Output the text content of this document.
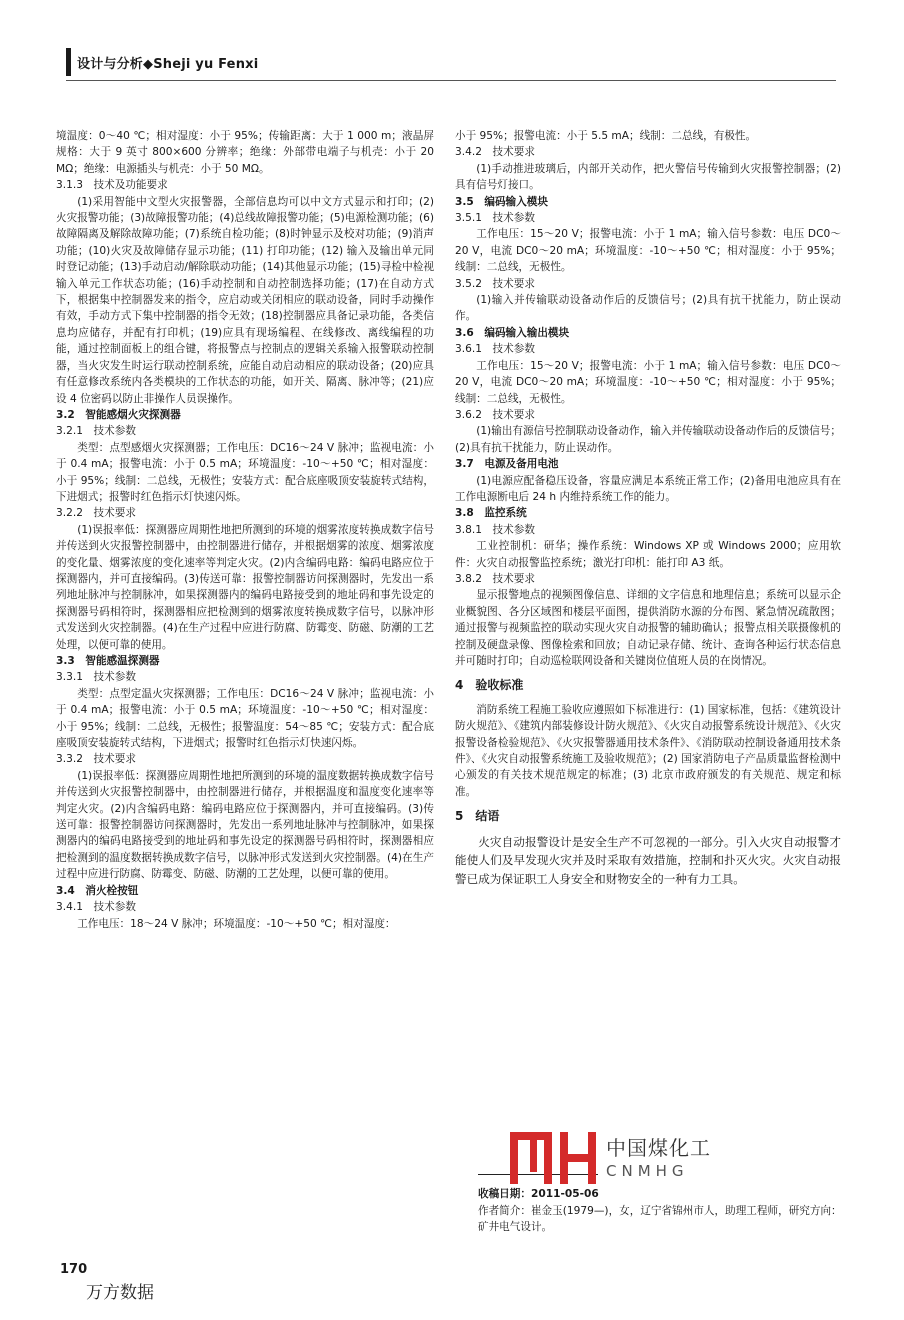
设计与分析◆Sheji yu Fenxi

境温度：0～40 ℃；相对湿度：小于 95%；传输距离：大于 1 000 m；液晶屏规格：大于 9 英寸 800×600 分辨率；绝缘：外部带电端子与机壳：小于 20 MΩ；绝缘：电源插头与机壳：小于 50 MΩ。

3.1.3　技术及功能要求

(1)采用智能中文型火灾报警器，全部信息均可以中文方式显示和打印；(2)火灾报警功能；(3)故障报警功能；(4)总线故障报警功能；(5)电源检测功能；(6)故障隔离及解除故障功能；(7)系统自检功能；(8)时钟显示及校对功能；(9)消声功能；(10)火灾及故障储存显示功能；(11) 打印功能；(12) 输入及输出单元同时登记动能；(13)手动启动/解除联动功能；(14)其他显示功能；(15)寻检中检视输入单元工作状态功能；(16)手动控制和自动控制选择功能；(17)在自动方式下，根据集中控制器发来的指令，应启动或关闭相应的联动设备，同时手动操作有效，手动方式下集中控制器的指令无效；(18)控制器应具备记录功能，各类信息均应储存，并配有打印机；(19)应具有现场编程、在线修改、离线编程的功能，通过控制面板上的组合键，将报警点与控制点的逻辑关系输入报警联动控制器，当火灾发生时运行联动控制系统，应能自动启动相应的联动设备；(20)应具有任意修改系统内各类模块的工作状态的功能，如开关、隔离、脉冲等；(21)应设 4 位密码以防止非操作人员误操作。

3.2　智能感烟火灾探测器

3.2.1　技术参数

类型：点型感烟火灾探测器；工作电压：DC16～24 V 脉冲；监视电流：小于 0.4 mA；报警电流：小于 0.5 mA；环境温度：-10～+50 ℃；相对湿度：小于 95%；线制：二总线，无极性；安装方式：配合底座吸顶安装旋转式结构，下进烟式；报警时红色指示灯快速闪烁。

3.2.2　技术要求

(1)误报率低：探测器应周期性地把所测到的环境的烟雾浓度转换成数字信号并传送到火灾报警控制器中，由控制器进行储存，并根据烟雾的浓度、烟雾浓度的变化量、烟雾浓度的变化速率等判定火灾。(2)内含编码电路：编码电路应位于探测器内，并可直接编码。(3)传送可靠：报警控制器访问探测器时，先发出一系列地址脉冲与控制脉冲，如果探测器内的编码电路接受到的地址码和事先设定的探测器号码相符时，探测器相应把检测到的烟雾浓度转换成数字信号，以脉冲形式发送到火灾控制器。(4)在生产过程中应进行防腐、防霉变、防磁、防潮的工艺处理，以便可靠的使用。

3.3　智能感温探测器

3.3.1　技术参数

类型：点型定温火灾探测器；工作电压：DC16～24 V 脉冲；监视电流：小于 0.4 mA；报警电流：小于 0.5 mA；环境温度：-10～+50 ℃；相对湿度：小于 95%；线制：二总线，无极性；报警温度：54～85 ℃；安装方式：配合底座吸顶安装旋转式结构，下进烟式；报警时红色指示灯快速闪烁。

3.3.2　技术要求

(1)误报率低：探测器应周期性地把所测到的环境的温度数据转换成数字信号并传送到火灾报警控制器中，由控制器进行储存，并根据温度和温度变化速率等判定火灾。(2)内含编码电路：编码电路应位于探测器内，并可直接编码。(3)传送可靠：报警控制器访问探测器时，先发出一系列地址脉冲与控制脉冲，如果探测器内的编码电路接受到的地址码和事先设定的探测器号码相符时，探测器相应把检测到的温度数据转换成数字信号，以脉冲形式发送到火灾控制器。(4)在生产过程中应进行防腐、防霉变、防磁、防潮的工艺处理，以便可靠的使用。

3.4　消火栓按钮

3.4.1　技术参数

工作电压：18～24 V 脉冲；环境温度：-10～+50 ℃；相对湿度：

小于 95%；报警电流：小于 5.5 mA；线制：二总线，有极性。

3.4.2　技术要求

(1)手动推进玻璃后，内部开关动作，把火警信号传输到火灾报警控制器；(2)具有信号灯接口。

3.5　编码输入模块

3.5.1　技术参数

工作电压：15～20 V；报警电流：小于 1 mA；输入信号参数：电压 DC0～20 V，电流 DC0～20 mA；环境温度：-10～+50 ℃；相对湿度：小于 95%；线制：二总线，无极性。

3.5.2　技术要求

(1)输入并传输联动设备动作后的反馈信号；(2)具有抗干扰能力，防止误动作。

3.6　编码输入输出模块

3.6.1　技术参数

工作电压：15～20 V；报警电流：小于 1 mA；输入信号参数：电压 DC0～20 V，电流 DC0～20 mA；环境温度：-10～+50 ℃；相对湿度：小于 95%；线制：二总线，无极性。

3.6.2　技术要求

(1)输出有源信号控制联动设备动作，输入并传输联动设备动作后的反馈信号；(2)具有抗干扰能力，防止误动作。

3.7　电源及备用电池

(1)电源应配备稳压设备，容量应满足本系统正常工作；(2)备用电池应具有在工作电源断电后 24 h 内维持系统工作的能力。

3.8　监控系统

3.8.1　技术参数

工业控制机：研华；操作系统：Windows XP 或 Windows 2000；应用软件：火灾自动报警监控系统；激光打印机：能打印 A3 纸。

3.8.2　技术要求

显示报警地点的视频图像信息、详细的文字信息和地理信息；系统可以显示企业概貌图、各分区域图和楼层平面图，提供消防水源的分布图、紧急情况疏散图；通过报警与视频监控的联动实现火灾自动报警的辅助确认；报警点相关联摄像机的控制及硬盘录像、图像检索和回放；自动记录存储、统计、查询各种运行状态信息并可随时打印；自动巡检联网设备和关键岗位值班人员的在岗情况。

4　验收标准

消防系统工程施工验收应遵照如下标准进行：(1) 国家标准，包括：《建筑设计防火规范》、《建筑内部装修设计防火规范》、《火灾自动报警系统设计规范》、《火灾报警设备检验规范》、《火灾报警器通用技术条件》、《消防联动控制设备通用技术条件》、《火灾自动报警系统施工及验收规范》；(2) 国家消防电子产品质量监督检测中心颁发的有关技术规范规定的标准；(3) 北京市政府颁发的有关规范、规定和标准。

5　结语

火灾自动报警设计是安全生产不可忽视的一部分。引入火灾自动报警才能使人们及早发现火灾并及时采取有效措施，控制和扑灭火灾。火灾自动报警已成为保证职工人身安全和财物安全的一种有力工具。

中国煤化工
CNMHG
收稿日期：2011-05-06
作者简介：崔金玉(1979—)，女，辽宁省锦州市人，助理工程师，研究方向：矿井电气设计。
170
万方数据
